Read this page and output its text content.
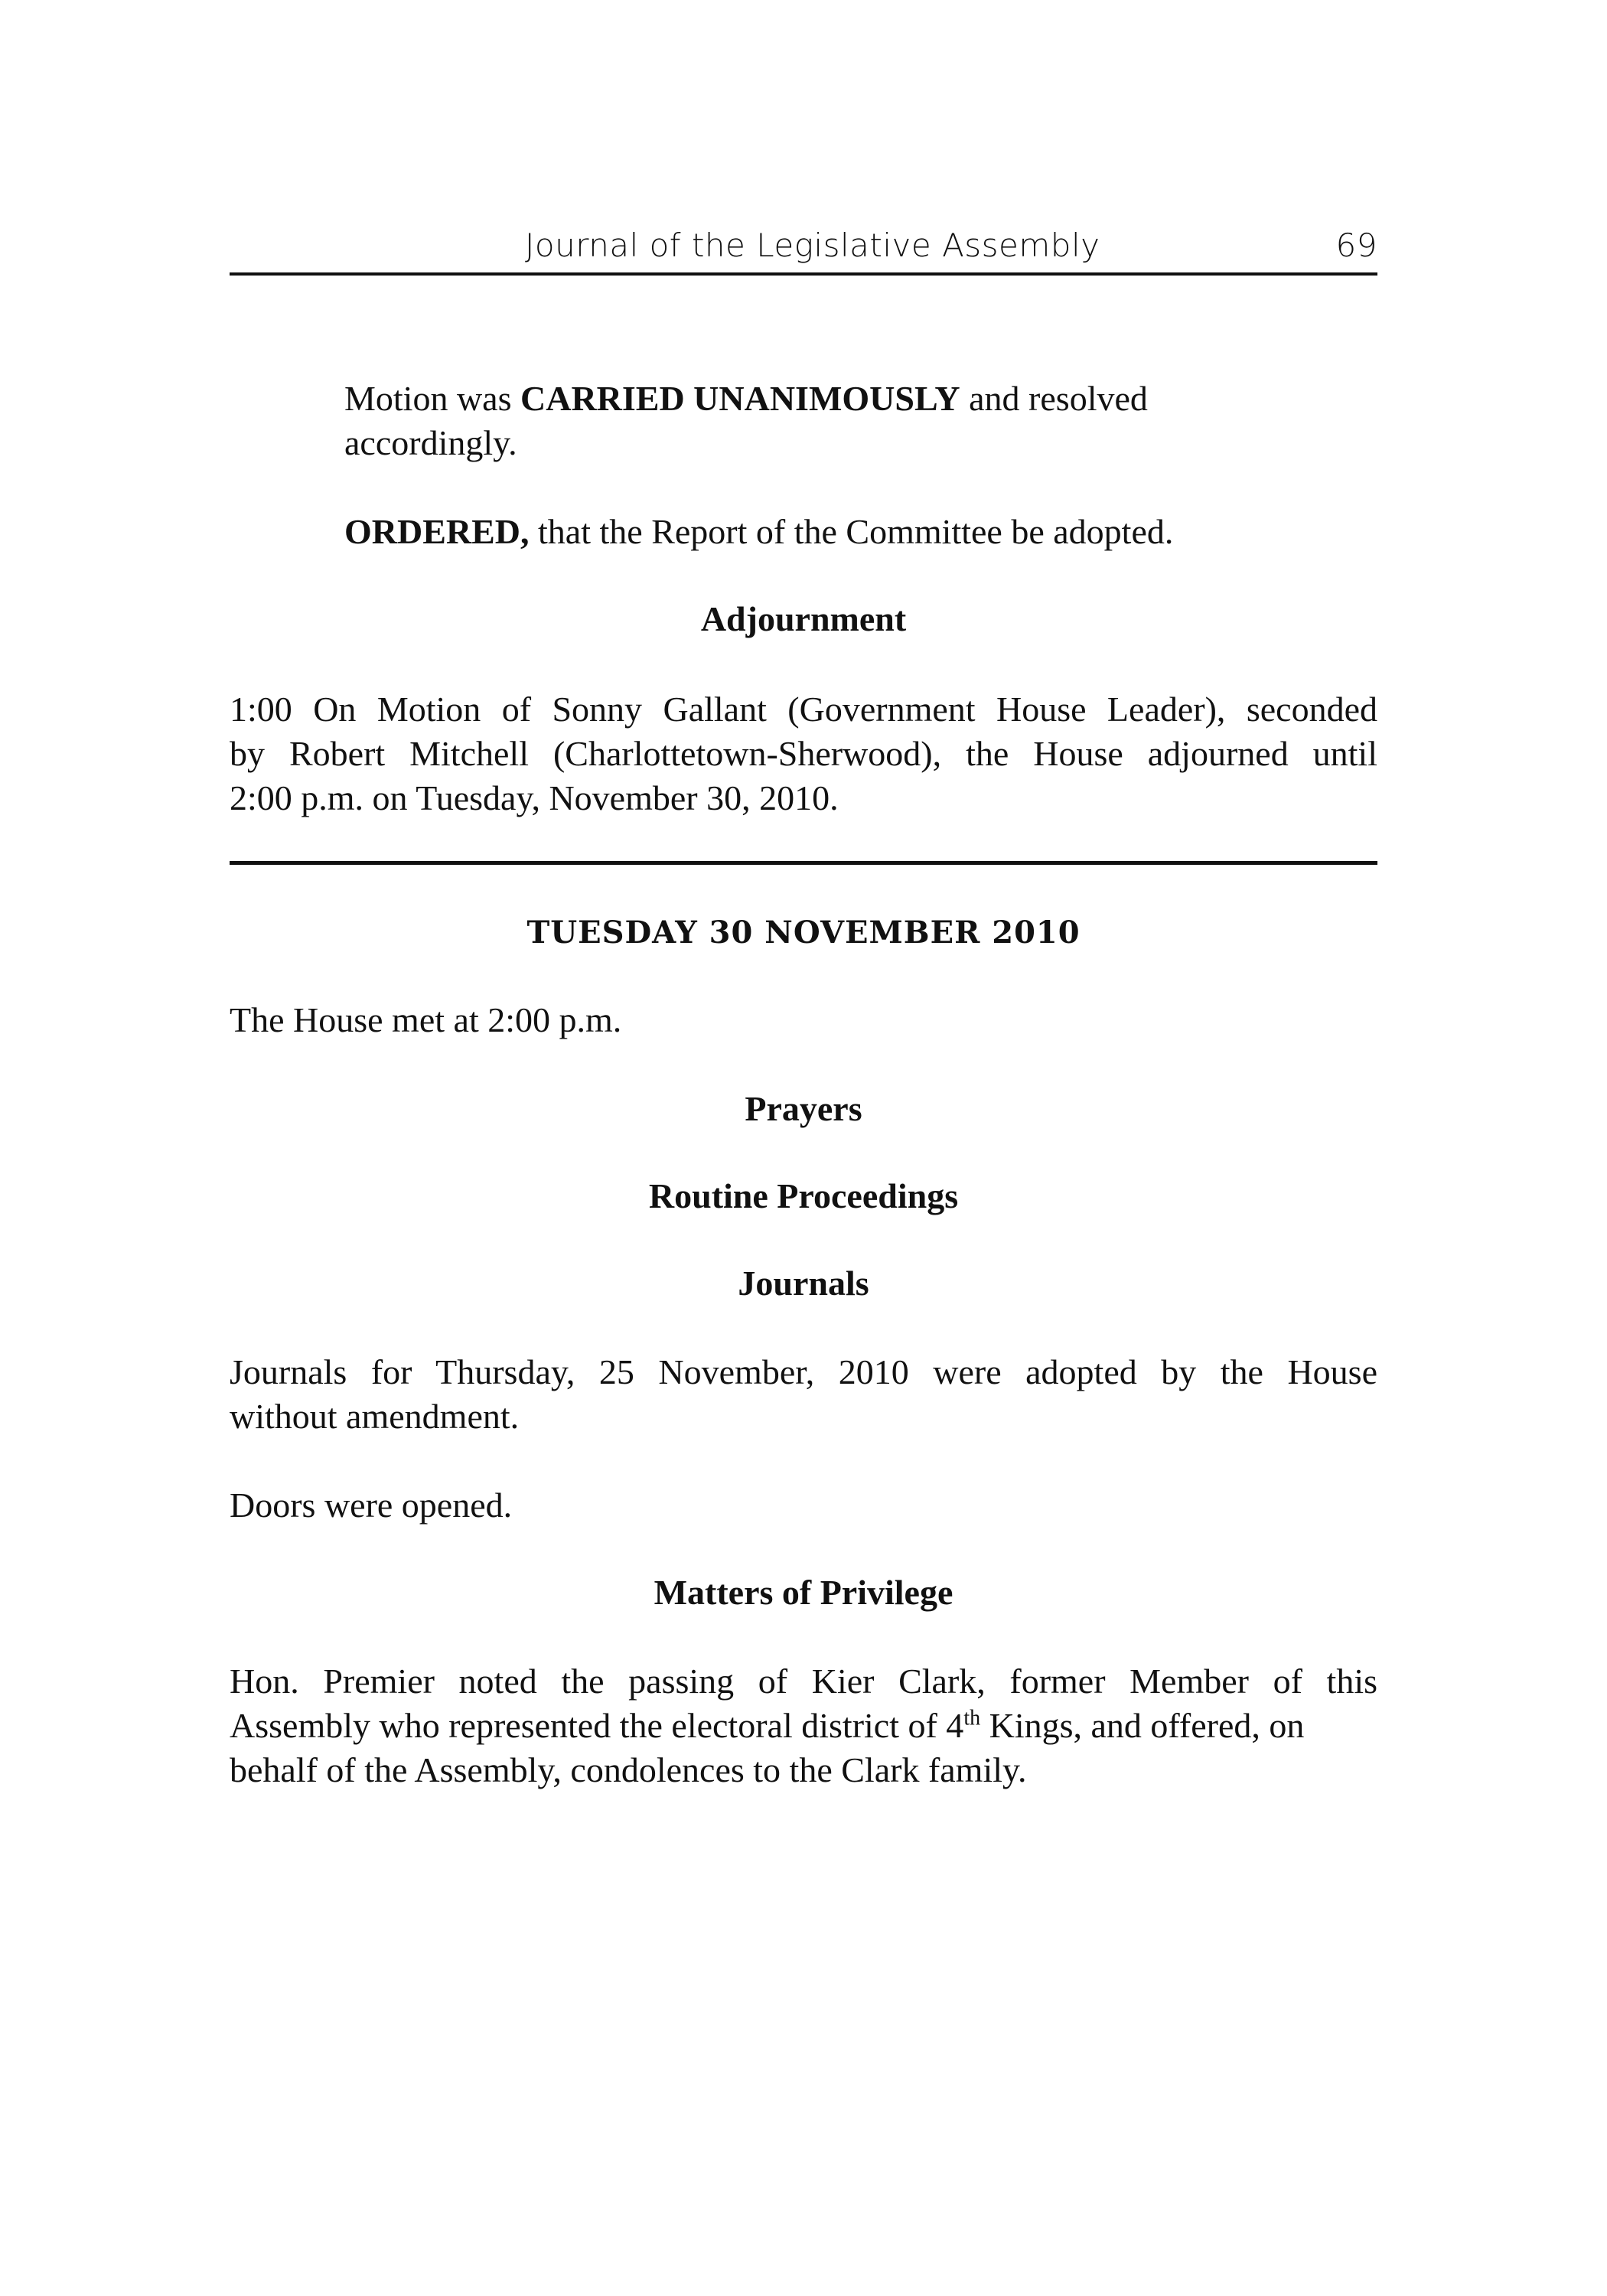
Journal of the Legislative Assembly	69

Motion was CARRIED UNANIMOUSLY and resolved
accordingly.

ORDERED, that the Report of the Committee be adopted.

Adjournment

1:00 On Motion of Sonny Gallant (Government House Leader), seconded
by Robert Mitchell (Charlottetown-Sherwood), the House adjourned until
2:00 p.m. on Tuesday, November 30, 2010.

TUESDAY 30 NOVEMBER 2010

The House met at 2:00 p.m.

Prayers
Routine Proceedings
Journals

Journals for Thursday, 25 November, 2010 were adopted by the House
without amendment.

Doors were opened.

Matters of Privilege

Hon. Premier noted the passing of Kier Clark, former Member of this
Assembly who represented the electoral district of 4th Kings, and offered, on
behalf of the Assembly, condolences to the Clark family.
